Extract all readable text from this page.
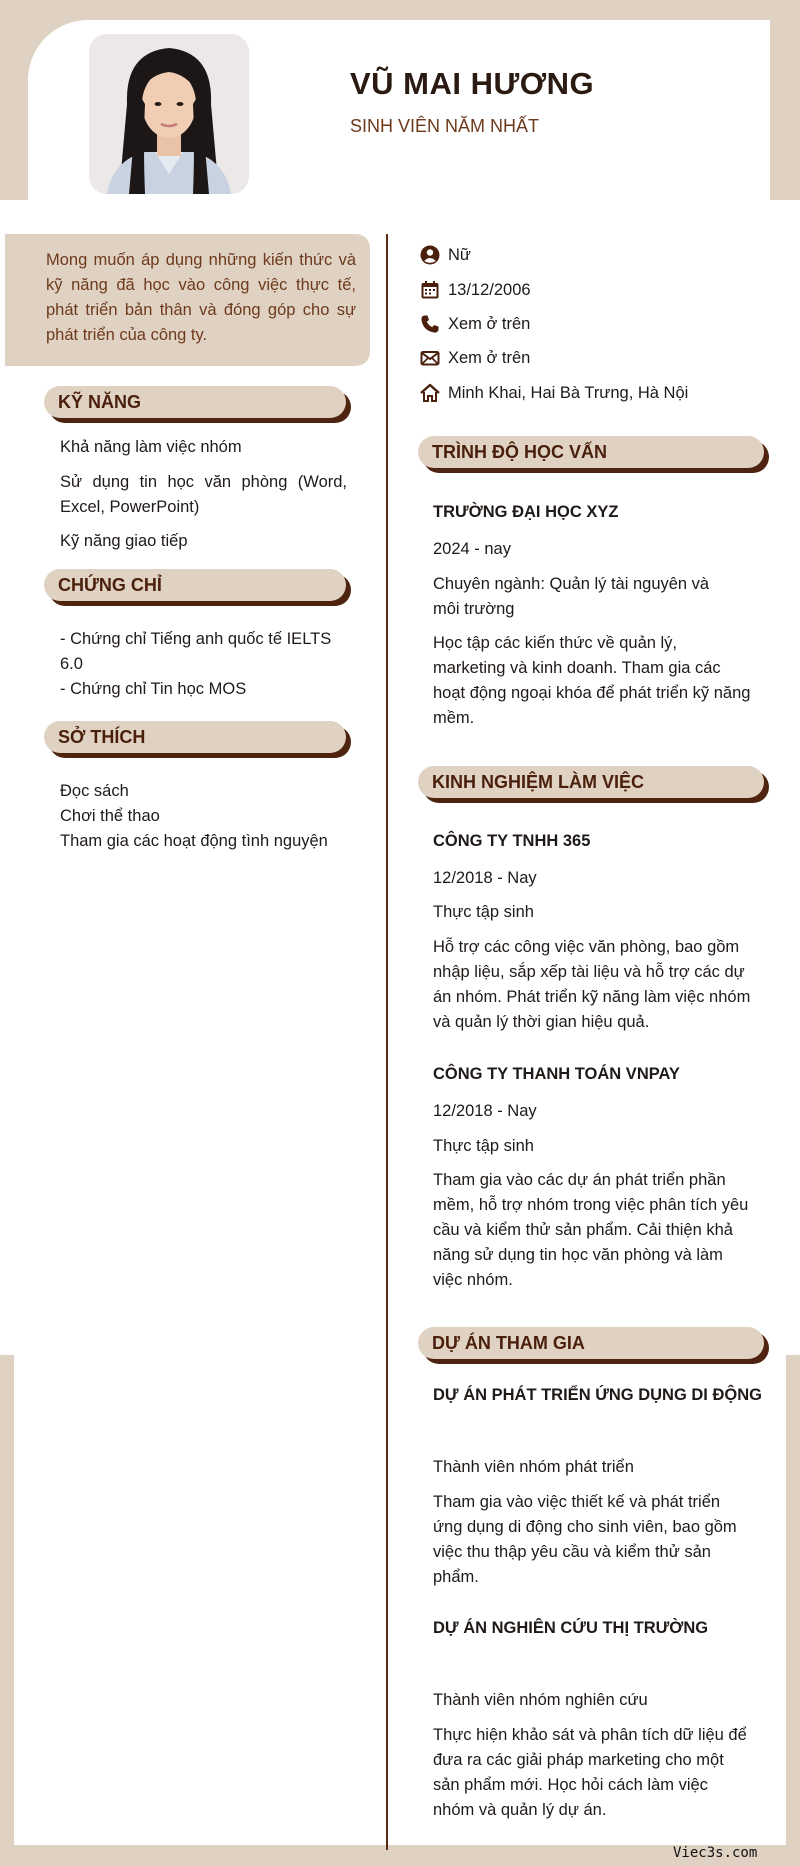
VŨ MAI HƯƠNG
SINH VIÊN NĂM NHẤT

Mong muốn áp dụng những kiến thức và kỹ năng đã học vào công việc thực tế, phát triển bản thân và đóng góp cho sự phát triển của công ty.

KỸ NĂNG
Khả năng làm việc nhóm
Sử dụng tin học văn phòng (Word, Excel, PowerPoint)
Kỹ năng giao tiếp
CHỨNG CHỈ
- Chứng chỉ Tiếng anh quốc tế IELTS 6.0
- Chứng chỉ Tin học MOS
SỞ THÍCH
Đọc sách
Chơi thể thao
Tham gia các hoạt động tình nguyện
Nữ
13/12/2006
Xem ở trên
Xem ở trên
Minh Khai, Hai Bà Trưng, Hà Nội
TRÌNH ĐỘ HỌC VẤN
TRƯỜNG ĐẠI HỌC XYZ
2024 - nay
Chuyên ngành: Quản lý tài nguyên và môi trường
Học tập các kiến thức về quản lý, marketing và kinh doanh. Tham gia các hoạt động ngoại khóa để phát triển kỹ năng mềm.
KINH NGHIỆM LÀM VIỆC
CÔNG TY TNHH 365
12/2018 - Nay
Thực tập sinh
Hỗ trợ các công việc văn phòng, bao gồm nhập liệu, sắp xếp tài liệu và hỗ trợ các dự án nhóm. Phát triển kỹ năng làm việc nhóm và quản lý thời gian hiệu quả.
CÔNG TY THANH TOÁN VNPAY
12/2018 - Nay
Thực tập sinh
Tham gia vào các dự án phát triển phần mềm, hỗ trợ nhóm trong việc phân tích yêu cầu và kiểm thử sản phẩm. Cải thiện khả năng sử dụng tin học văn phòng và làm việc nhóm.
DỰ ÁN THAM GIA
DỰ ÁN PHÁT TRIỂN ỨNG DỤNG DI ĐỘNG
Thành viên nhóm phát triển
Tham gia vào việc thiết kế và phát triển ứng dụng di động cho sinh viên, bao gồm việc thu thập yêu cầu và kiểm thử sản phẩm.
DỰ ÁN NGHIÊN CỨU THỊ TRƯỜNG
Thành viên nhóm nghiên cứu
Thực hiện khảo sát và phân tích dữ liệu để đưa ra các giải pháp marketing cho một sản phẩm mới. Học hỏi cách làm việc nhóm và quản lý dự án.
Viec3s.com
